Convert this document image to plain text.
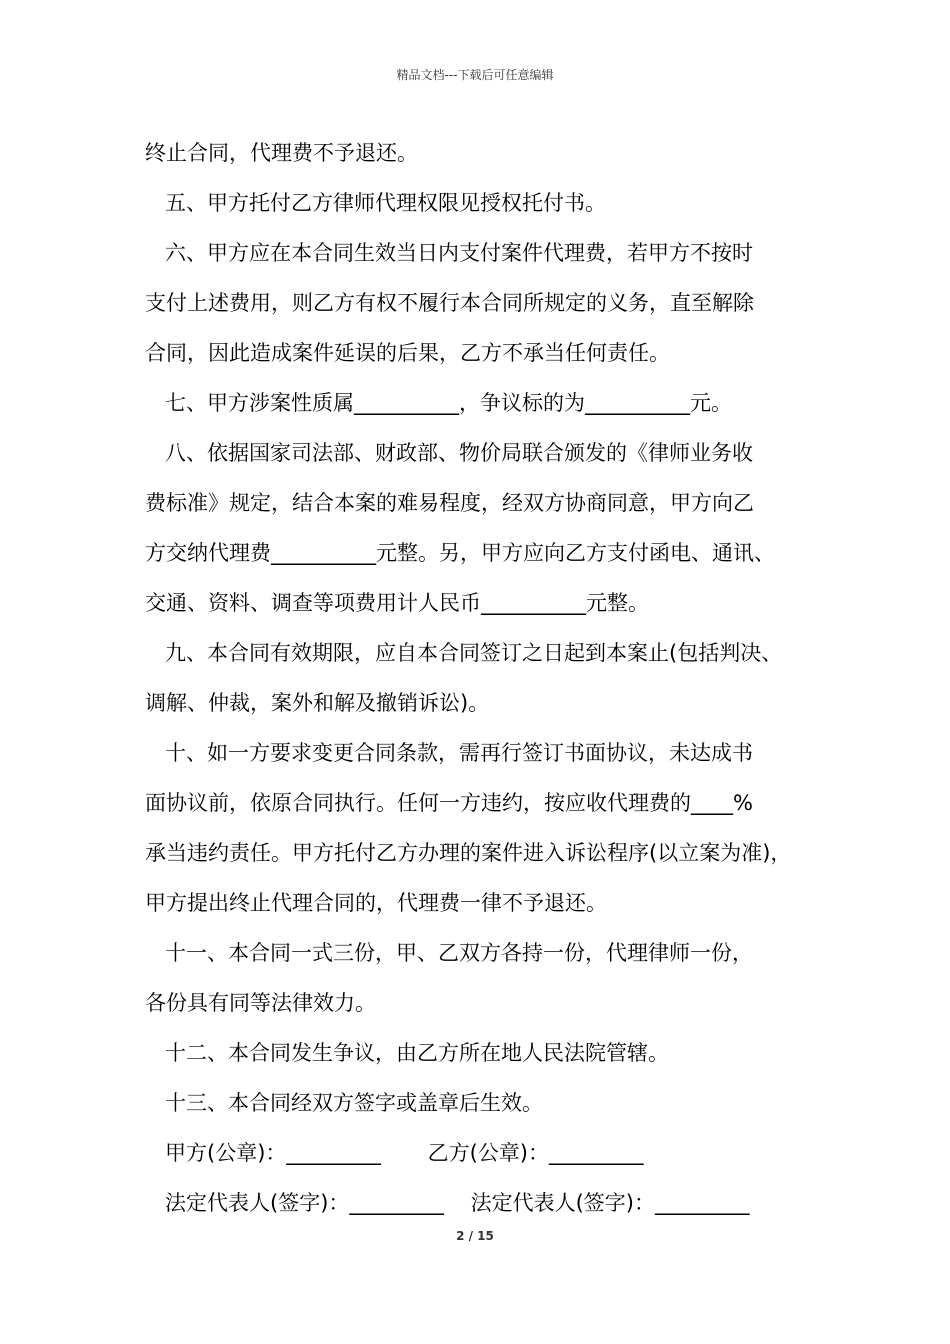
精品文档---下载后可任意编辑
终止合同，代理费不予退还。
五、甲方托付乙方律师代理权限见授权托付书。
六、甲方应在本合同生效当日内支付案件代理费，若甲方不按时
支付上述费用，则乙方有权不履行本合同所规定的义务，直至解除
合同，因此造成案件延误的后果，乙方不承当任何责任。
七、甲方涉案性质属__________，争议标的为__________元。
八、依据国家司法部、财政部、物价局联合颁发的《律师业务收
费标准》规定，结合本案的难易程度，经双方协商同意，甲方向乙
方交纳代理费__________元整。另，甲方应向乙方支付函电、通讯、
交通、资料、调查等项费用计人民币__________元整。
九、本合同有效期限，应自本合同签订之日起到本案止(包括判决、
调解、仲裁，案外和解及撤销诉讼)。
十、如一方要求变更合同条款，需再行签订书面协议，未达成书
面协议前，依原合同执行。任何一方违约，按应收代理费的____%
承当违约责任。甲方托付乙方办理的案件进入诉讼程序(以立案为准)，
甲方提出终止代理合同的，代理费一律不予退还。
十一、本合同一式三份，甲、乙双方各持一份，代理律师一份，
各份具有同等法律效力。
十二、本合同发生争议，由乙方所在地人民法院管辖。
十三、本合同经双方签字或盖章后生效。
甲方(公章)：_________       乙方(公章)：_________
法定代表人(签字)：_________    法定代表人(签字)：_________
2 / 15
